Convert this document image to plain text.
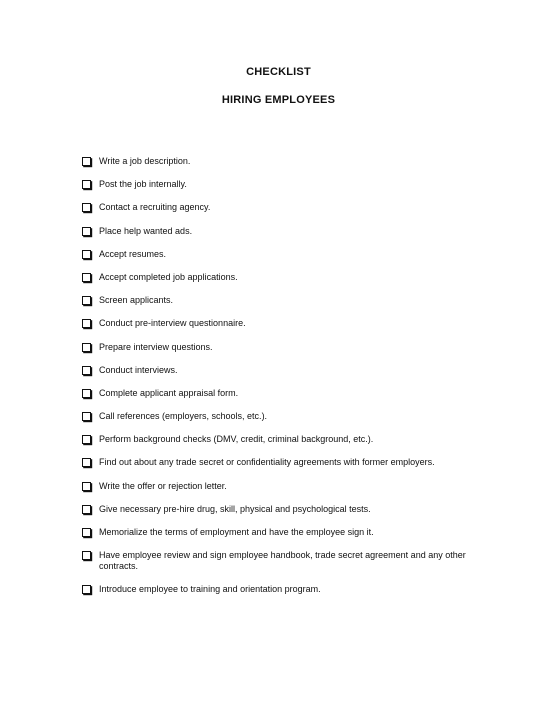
CHECKLIST
HIRING EMPLOYEES
Write a job description.
Post the job internally.
Contact a recruiting agency.
Place help wanted ads.
Accept resumes.
Accept completed job applications.
Screen applicants.
Conduct pre-interview questionnaire.
Prepare interview questions.
Conduct interviews.
Complete applicant appraisal form.
Call references (employers, schools, etc.).
Perform background checks (DMV, credit, criminal background, etc.).
Find out about any trade secret or confidentiality agreements with former employers.
Write the offer or rejection letter.
Give necessary pre-hire drug, skill, physical and psychological tests.
Memorialize the terms of employment and have the employee sign it.
Have employee review and sign employee handbook, trade secret agreement and any other contracts.
Introduce employee to training and orientation program.
